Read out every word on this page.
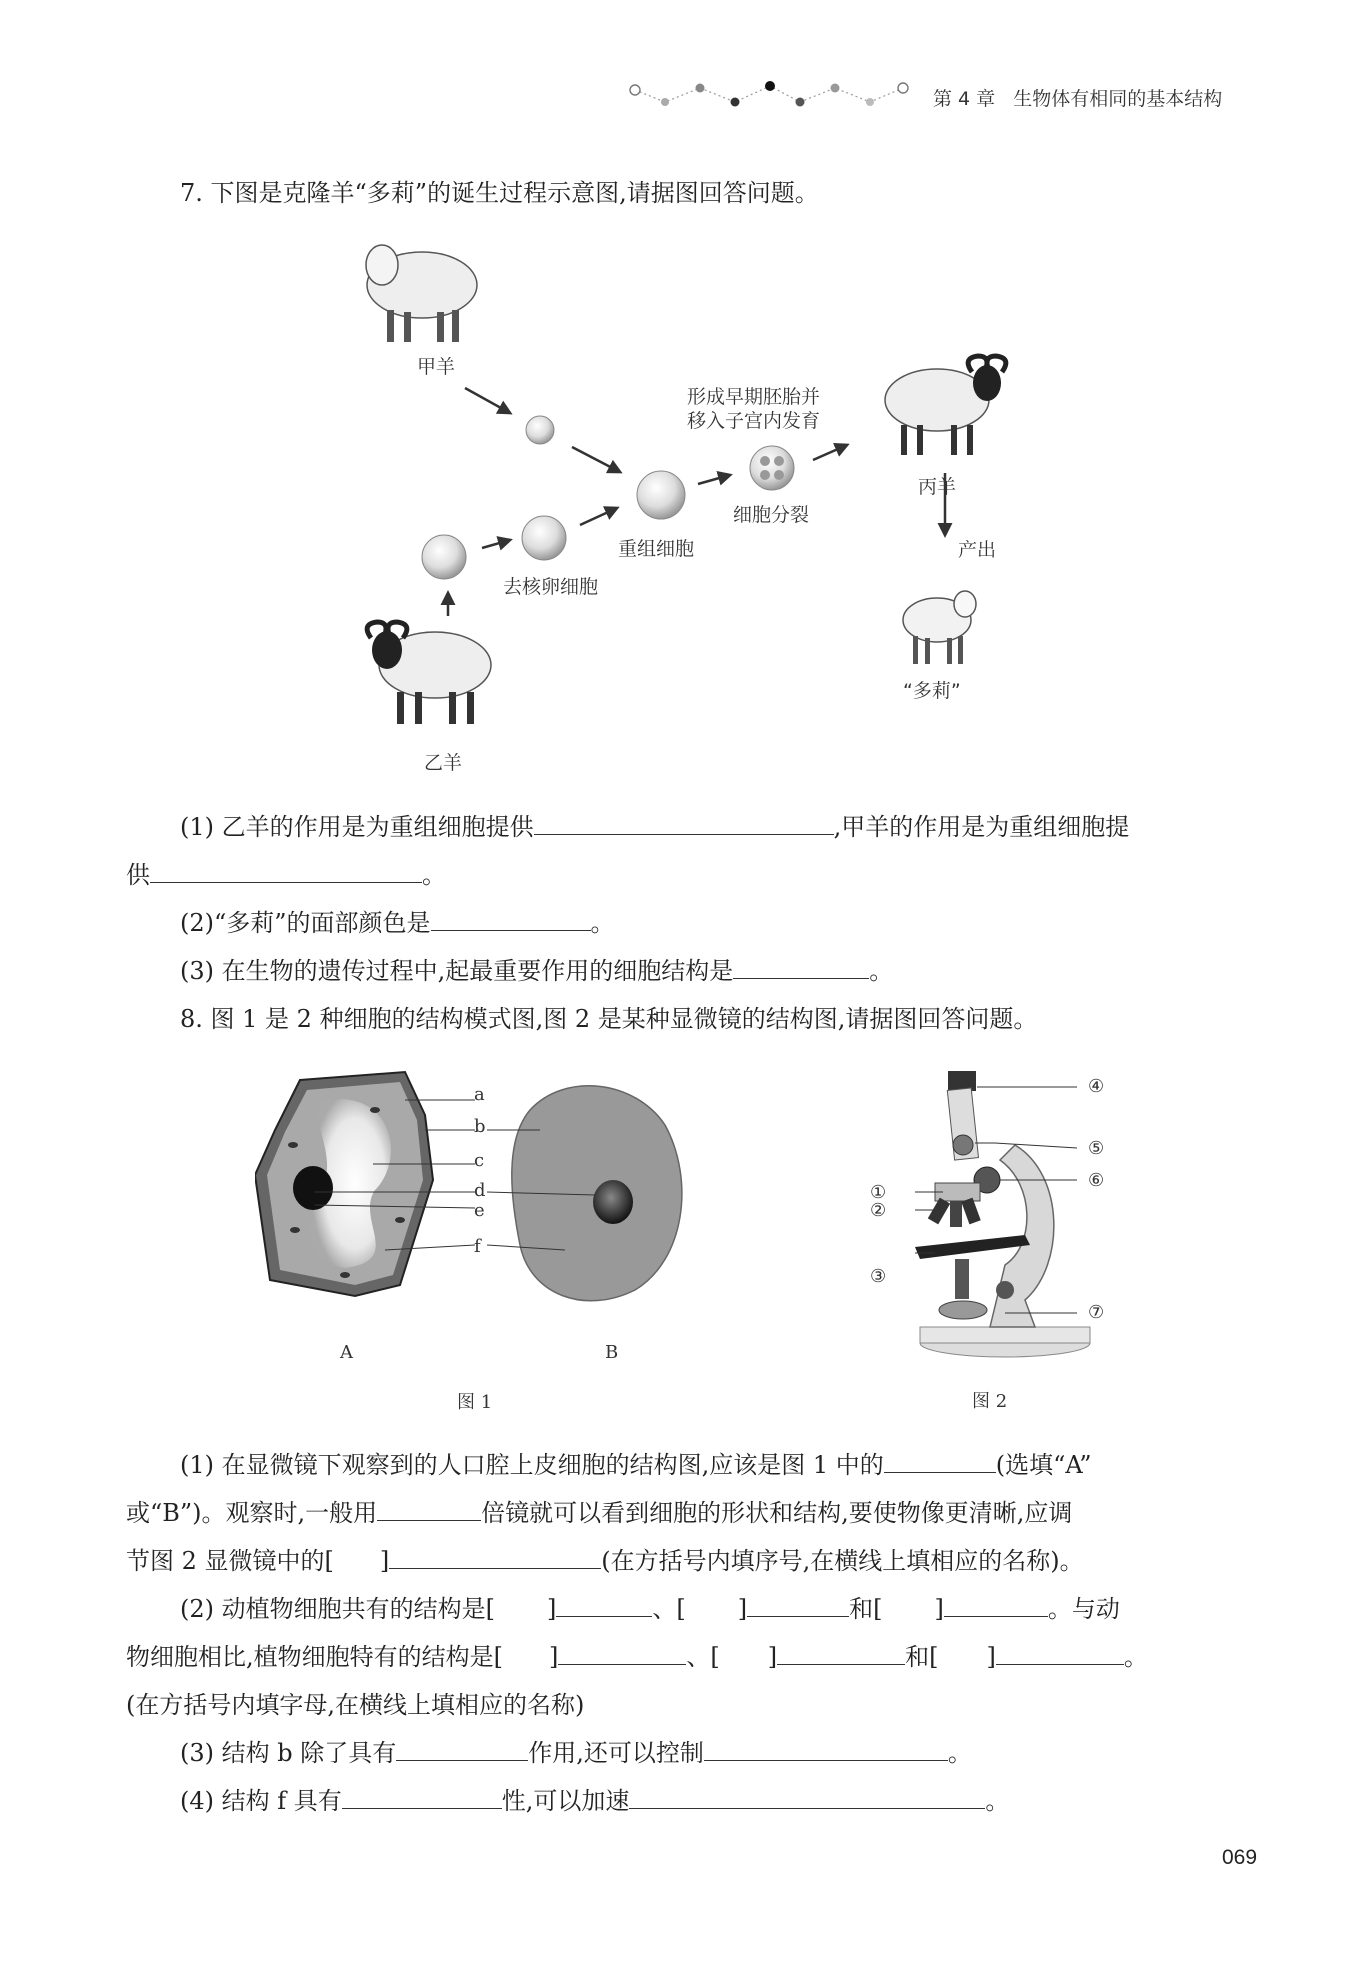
第 4 章   生物体有相同的基本结构
7. 下图是克隆羊“多莉”的诞生过程示意图,请据图回答问题。
甲羊
乙羊
丙羊
“多莉”
去核卵细胞
重组细胞
细胞分裂
形成早期胚胎并
移入子宫内发育
产出
(1) 乙羊的作用是为重组细胞提供	,甲羊的作用是为重组细胞提
供	。
(2)“多莉”的面部颜色是	。
(3) 在生物的遗传过程中,起最重要作用的细胞结构是	。
8. 图 1 是 2 种细胞的结构模式图,图 2 是某种显微镜的结构图,请据图回答问题。
a
b
c
d
e
f
A	B
图 1
④
⑤
⑥
①
②
③
⑦
图 2
(1) 在显微镜下观察到的人口腔上皮细胞的结构图,应该是图 1 中的	(选填“A”
或“B”)。观察时,一般用	倍镜就可以看到细胞的形状和结构,要使物像更清晰,应调
节图 2 显微镜中的[ ]	(在方括号内填序号,在横线上填相应的名称)。
(2) 动植物细胞共有的结构是[ ]	、[ ]	和[ ]	。与动
物细胞相比,植物细胞特有的结构是[ ]	、[ ]	和[ ]	。
(在方括号内填字母,在横线上填相应的名称)
(3) 结构 b 除了具有	作用,还可以控制	。
(4) 结构 f 具有	性,可以加速	。
069
